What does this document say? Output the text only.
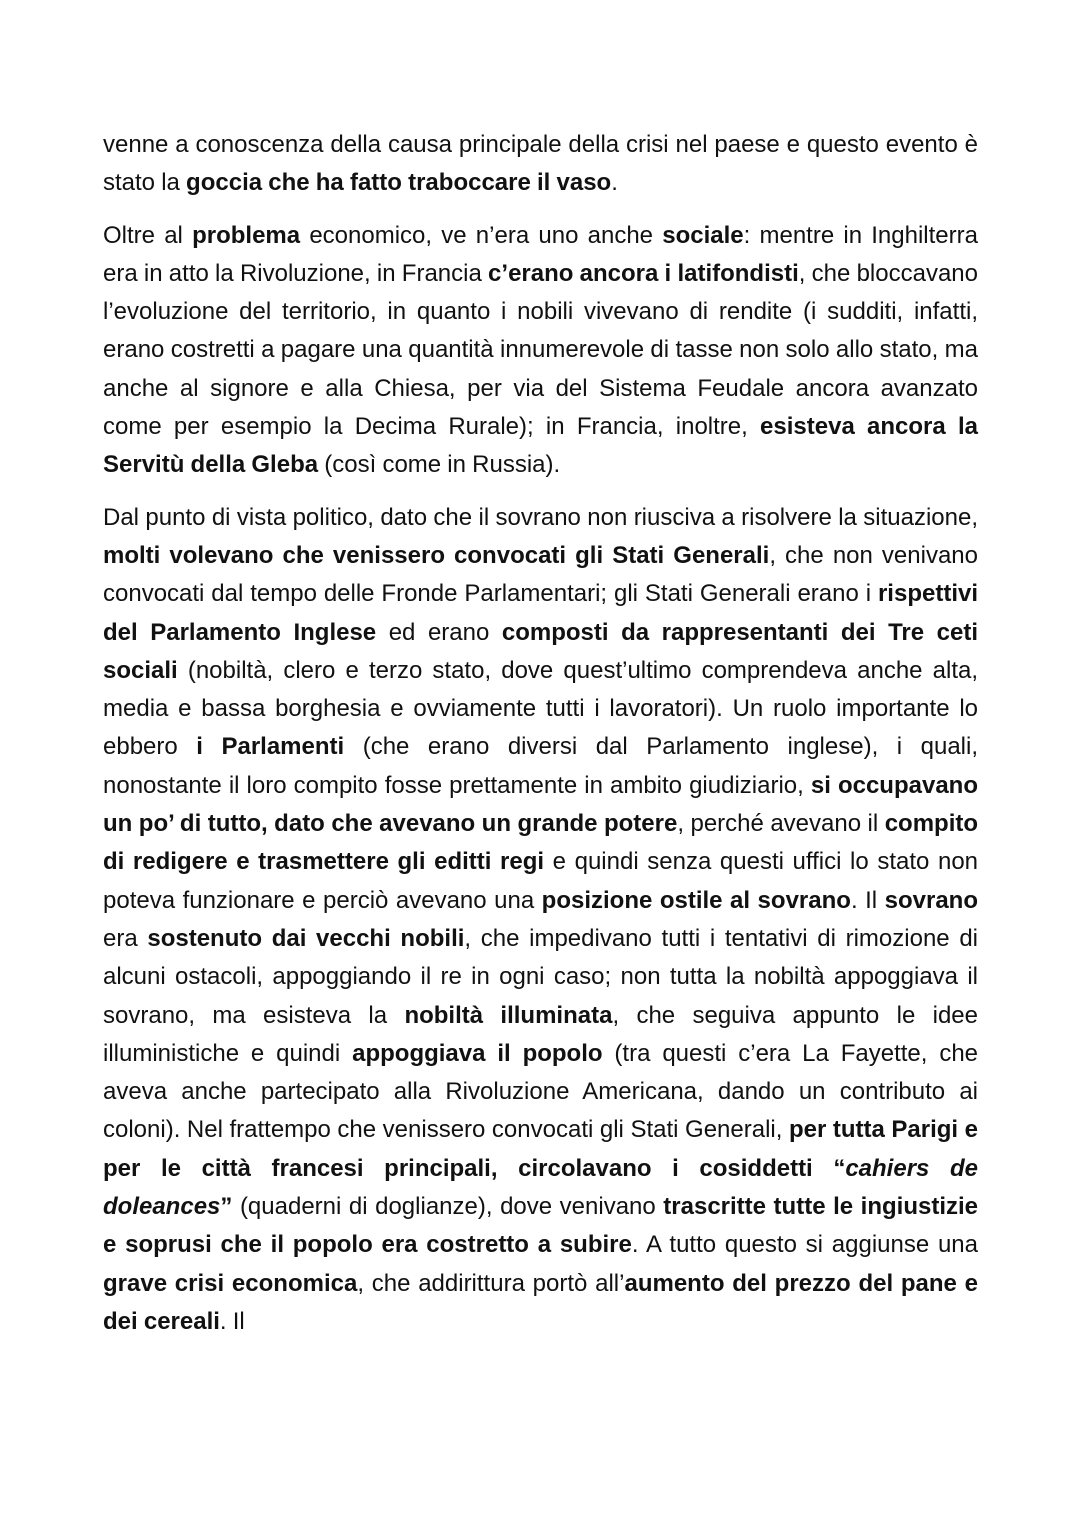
venne a conoscenza della causa principale della crisi nel paese e questo evento è stato la goccia che ha fatto traboccare il vaso.

Oltre al problema economico, ve n’era uno anche sociale: mentre in Inghilterra era in atto la Rivoluzione, in Francia c’erano ancora i latifondisti, che bloccavano l’evoluzione del territorio, in quanto i nobili vivevano di rendite (i sudditi, infatti, erano costretti a pagare una quantità innumerevole di tasse non solo allo stato, ma anche al signore e alla Chiesa, per via del Sistema Feudale ancora avanzato come per esempio la Decima Rurale); in Francia, inoltre, esisteva ancora la Servitù della Gleba (così come in Russia).

Dal punto di vista politico, dato che il sovrano non riusciva a risolvere la situazione, molti volevano che venissero convocati gli Stati Generali, che non venivano convocati dal tempo delle Fronde Parlamentari; gli Stati Generali erano i rispettivi del Parlamento Inglese ed erano composti da rappresentanti dei Tre ceti sociali (nobiltà, clero e terzo stato, dove quest’ultimo comprendeva anche alta, media e bassa borghesia e ovviamente tutti i lavoratori). Un ruolo importante lo ebbero i Parlamenti (che erano diversi dal Parlamento inglese), i quali, nonostante il loro compito fosse prettamente in ambito giudiziario, si occupavano un po’ di tutto, dato che avevano un grande potere, perché avevano il compito di redigere e trasmettere gli editti regi e quindi senza questi uffici lo stato non poteva funzionare e perciò avevano una posizione ostile al sovrano. Il sovrano era sostenuto dai vecchi nobili, che impedivano tutti i tentativi di rimozione di alcuni ostacoli, appoggiando il re in ogni caso; non tutta la nobiltà appoggiava il sovrano, ma esisteva la nobiltà illuminata, che seguiva appunto le idee illuministiche e quindi appoggiava il popolo (tra questi c’era La Fayette, che aveva anche partecipato alla Rivoluzione Americana, dando un contributo ai coloni). Nel frattempo che venissero convocati gli Stati Generali, per tutta Parigi e per le città francesi principali, circolavano i cosiddetti “cahiers de doleances” (quaderni di doglianze), dove venivano trascritte tutte le ingiustizie e soprusi che il popolo era costretto a subire. A tutto questo si aggiunse una grave crisi economica, che addirittura portò all’aumento del prezzo del pane e dei cereali. Il
